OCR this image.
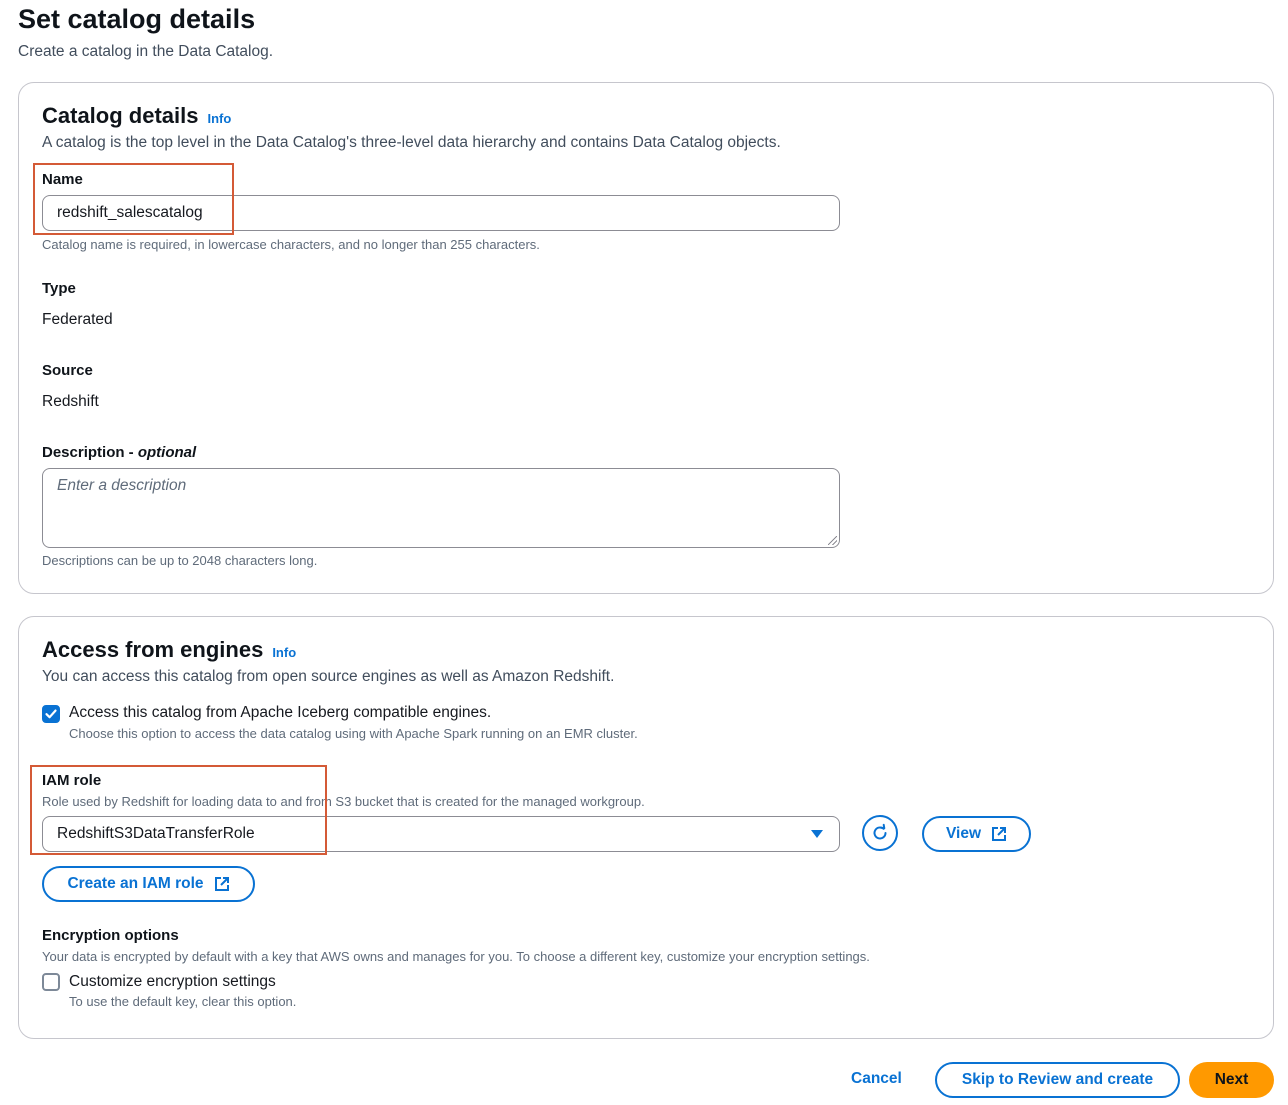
Set catalog details
Create a catalog in the Data Catalog.
Catalog details Info
A catalog is the top level in the Data Catalog's three-level data hierarchy and contains Data Catalog objects.
Name
redshift_salescatalog
Catalog name is required, in lowercase characters, and no longer than 255 characters.
Type
Federated
Source
Redshift
Description - optional
Enter a description
Descriptions can be up to 2048 characters long.
Access from engines Info
You can access this catalog from open source engines as well as Amazon Redshift.
Access this catalog from Apache Iceberg compatible engines.
Choose this option to access the data catalog using with Apache Spark running on an EMR cluster.
IAM role
Role used by Redshift for loading data to and from S3 bucket that is created for the managed workgroup.
RedshiftS3DataTransferRole	View
Create an IAM role
Encryption options
Your data is encrypted by default with a key that AWS owns and manages for you. To choose a different key, customize your encryption settings.
Customize encryption settings
To use the default key, clear this option.
Cancel	Skip to Review and create	Next
